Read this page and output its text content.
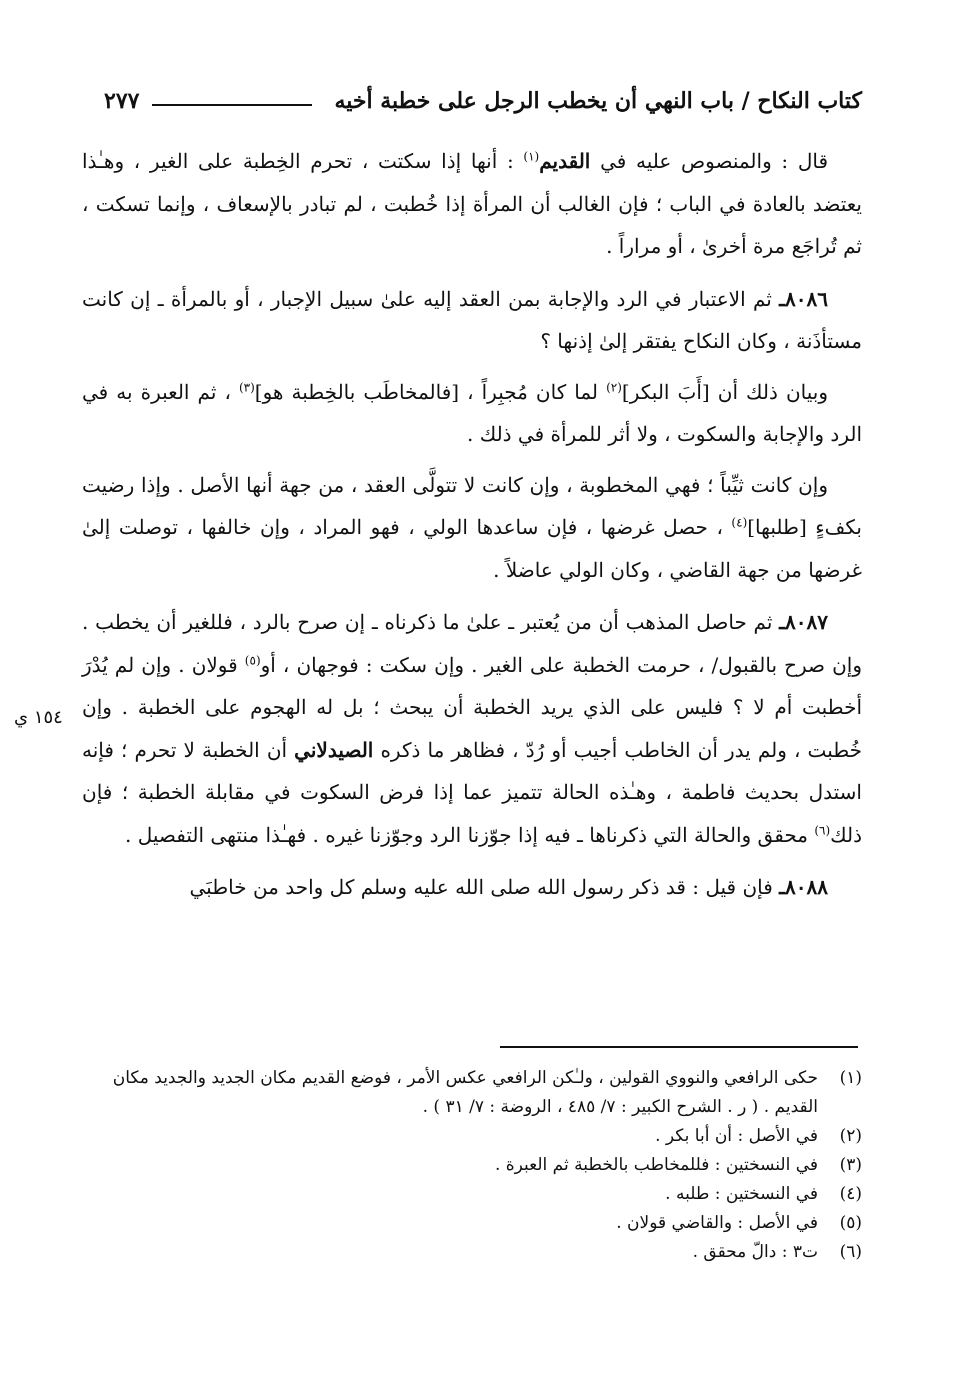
كتاب النكاح / باب النهي أن يخطب الرجل على خطبة أخيه
٢٧٧
١٥٤ ي

قال : والمنصوص عليه في القديم$^{(١)}$ : أنها إذا سكتت ، تحرم الخِطبة على الغير ، وهـٰذا يعتضد بالعادة في الباب ؛ فإن الغالب أن المرأة إذا خُطبت ، لم تبادر بالإسعاف ، وإنما تسكت ، ثم تُراجَع مرة أخرىٰ ، أو مراراً .

٨٠٨٦ـ ثم الاعتبار في الرد والإجابة بمن العقد إليه علىٰ سبيل الإجبار ، أو بالمرأة ـ إن كانت مستأذَنة ، وكان النكاح يفتقر إلىٰ إذنها ؟

وبيان ذلك أن [أَبَ البكر]$^{(٢)}$ لما كان مُجبِراً ، [فالمخاطَب بالخِطبة هو]$^{(٣)}$ ، ثم العبرة به في الرد والإجابة والسكوت ، ولا أثر للمرأة في ذلك .

وإن كانت ثيِّباً ؛ فهي المخطوبة ، وإن كانت لا تتولَّى العقد ، من جهة أنها الأصل . وإذا رضيت بكفءٍ [طلبها]$^{(٤)}$ ، حصل غرضها ، فإن ساعدها الولي ، فهو المراد ، وإن خالفها ، توصلت إلىٰ غرضها من جهة القاضي ، وكان الولي عاضلاً .

٨٠٨٧ـ ثم حاصل المذهب أن من يُعتبر ـ علىٰ ما ذكرناه ـ إن صرح بالرد ، فللغير أن يخطب . وإن صرح بالقبول/ ، حرمت الخطبة على الغير . وإن سكت : فوجهان ، أو$^{(٥)}$ قولان . وإن لم يُدْرَ أخطبت أم لا ؟ فليس على الذي يريد الخطبة أن يبحث ؛ بل له الهجوم على الخطبة . وإن خُطبت ، ولم يدر أن الخاطب أجيب أو رُدّ ، فظاهر ما ذكره الصيدلاني أن الخطبة لا تحرم ؛ فإنه استدل بحديث فاطمة ، وهـٰذه الحالة تتميز عما إذا فرض السكوت في مقابلة الخطبة ؛ فإن ذلك$^{(٦)}$ محقق والحالة التي ذكرناها ـ فيه إذا جوّزنا الرد وجوّزنا غيره . فهـٰذا منتهى التفصيل .

٨٠٨٨ـ فإن قيل : قد ذكر رسول الله صلى الله عليه وسلم كل واحد من خاطبَي

(١)
حكى الرافعي والنووي القولين ، ولـٰكن الرافعي عكس الأمر ، فوضع القديم مكان الجديد والجديد مكان القديم . ( ر . الشرح الكبير : ٧/ ٤٨٥ ، الروضة : ٧/ ٣١ ) .
(٢)
في الأصل : أن أبا بكر .
(٣)
في النسختين : فللمخاطب بالخطبة ثم العبرة .
(٤)
في النسختين : طلبه .
(٥)
في الأصل : والقاضي قولان .
(٦)
ت٣ : دالّ محقق .
